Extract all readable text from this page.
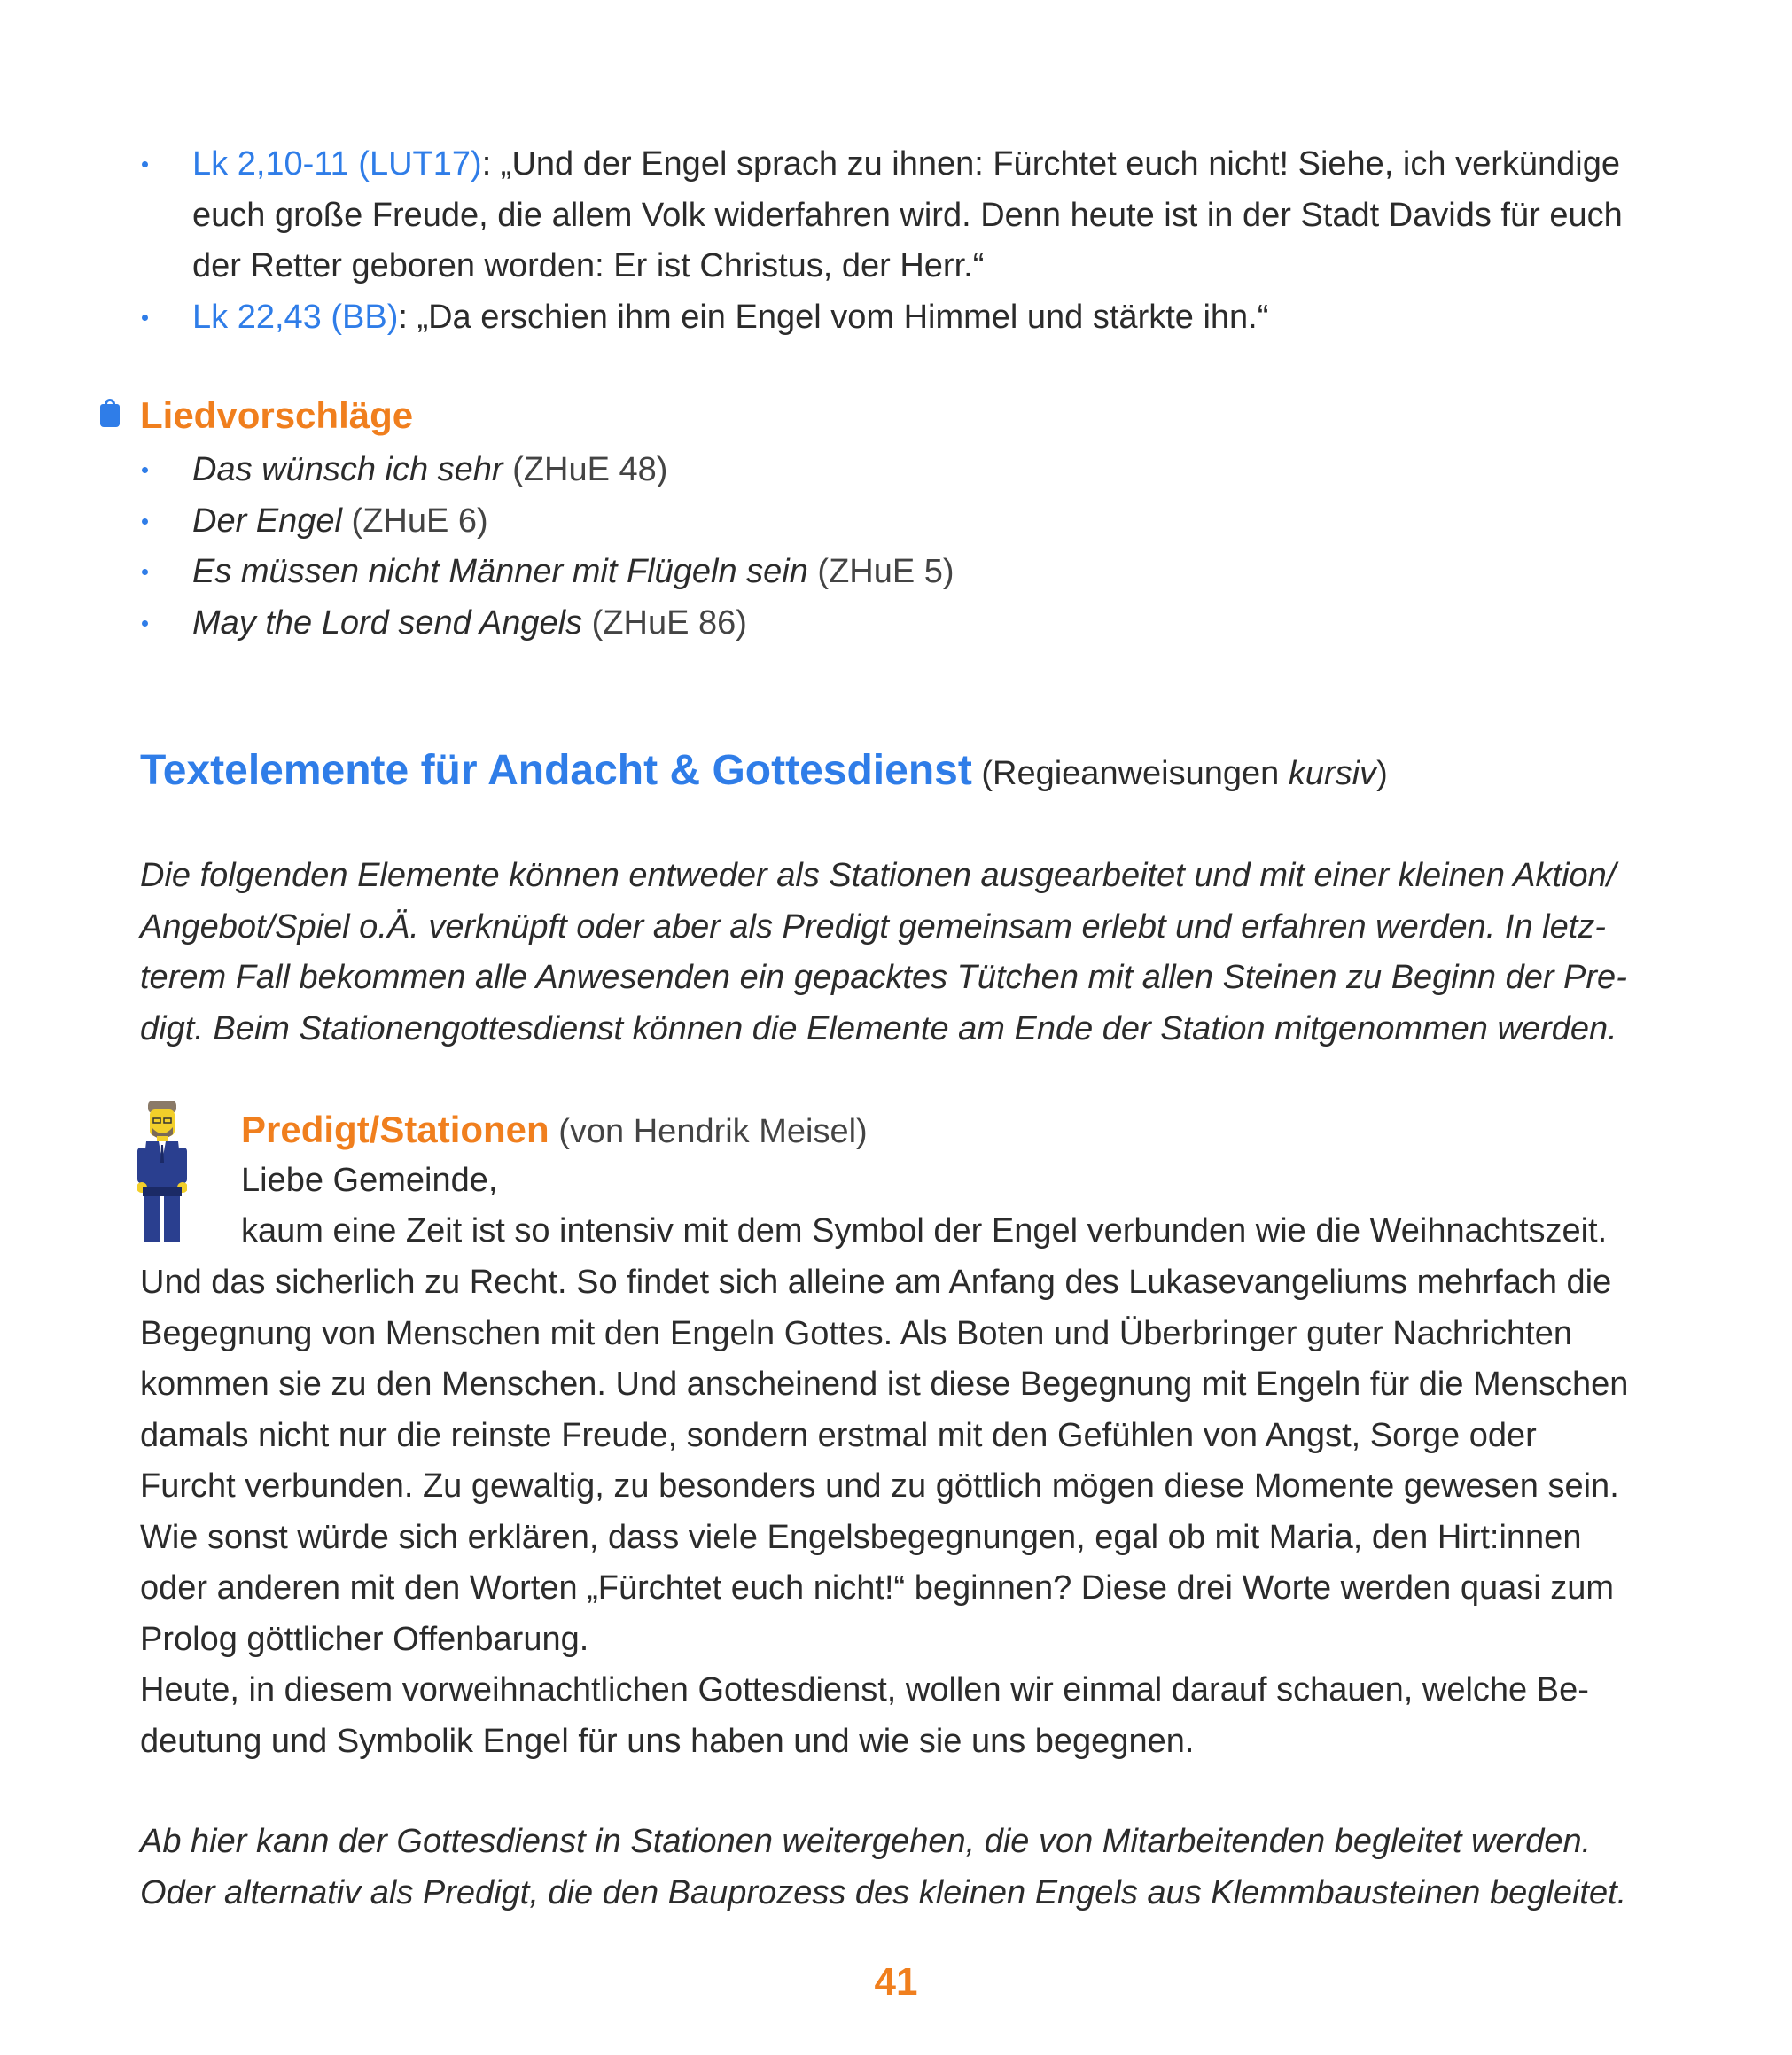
Lk 2,10-11 (LUT17): „Und der Engel sprach zu ihnen: Fürchtet euch nicht! Siehe, ich verkündige
euch große Freude, die allem Volk widerfahren wird. Denn heute ist in der Stadt Davids für euch
der Retter geboren worden: Er ist Christus, der Herr.“
Lk 22,43 (BB): „Da erschien ihm ein Engel vom Himmel und stärkte ihn.“
Liedvorschläge
Das wünsch ich sehr (ZHuE 48)
Der Engel (ZHuE 6)
Es müssen nicht Männer mit Flügeln sein (ZHuE 5)
May the Lord send Angels (ZHuE 86)
Textelemente für Andacht & Gottesdienst (Regieanweisungen kursiv)

Die folgenden Elemente können entweder als Stationen ausgearbeitet und mit einer kleinen Aktion/
Angebot/Spiel o.Ä. verknüpft oder aber als Predigt gemeinsam erlebt und erfahren werden. In letz-
terem Fall bekommen alle Anwesenden ein gepacktes Tütchen mit allen Steinen zu Beginn der Pre-
digt. Beim Stationengottesdienst können die Elemente am Ende der Station mitgenommen werden.

Predigt/Stationen (von Hendrik Meisel)
Liebe Gemeinde,
kaum eine Zeit ist so intensiv mit dem Symbol der Engel verbunden wie die Weihnachtszeit.

Und das sicherlich zu Recht. So findet sich alleine am Anfang des Lukasevangeliums mehrfach die
Begegnung von Menschen mit den Engeln Gottes. Als Boten und Überbringer guter Nachrichten
kommen sie zu den Menschen. Und anscheinend ist diese Begegnung mit Engeln für die Menschen
damals nicht nur die reinste Freude, sondern erstmal mit den Gefühlen von Angst, Sorge oder
Furcht verbunden. Zu gewaltig, zu besonders und zu göttlich mögen diese Momente gewesen sein.
Wie sonst würde sich erklären, dass viele Engelsbegegnungen, egal ob mit Maria, den Hirt:innen
oder anderen mit den Worten „Fürchtet euch nicht!“ beginnen? Diese drei Worte werden quasi zum
Prolog göttlicher Offenbarung.
Heute, in diesem vorweihnachtlichen Gottesdienst, wollen wir einmal darauf schauen, welche Be-
deutung und Symbolik Engel für uns haben und wie sie uns begegnen.

Ab hier kann der Gottesdienst in Stationen weitergehen, die von Mitarbeitenden begleitet werden.
Oder alternativ als Predigt, die den Bauprozess des kleinen Engels aus Klemmbausteinen begleitet.

41
